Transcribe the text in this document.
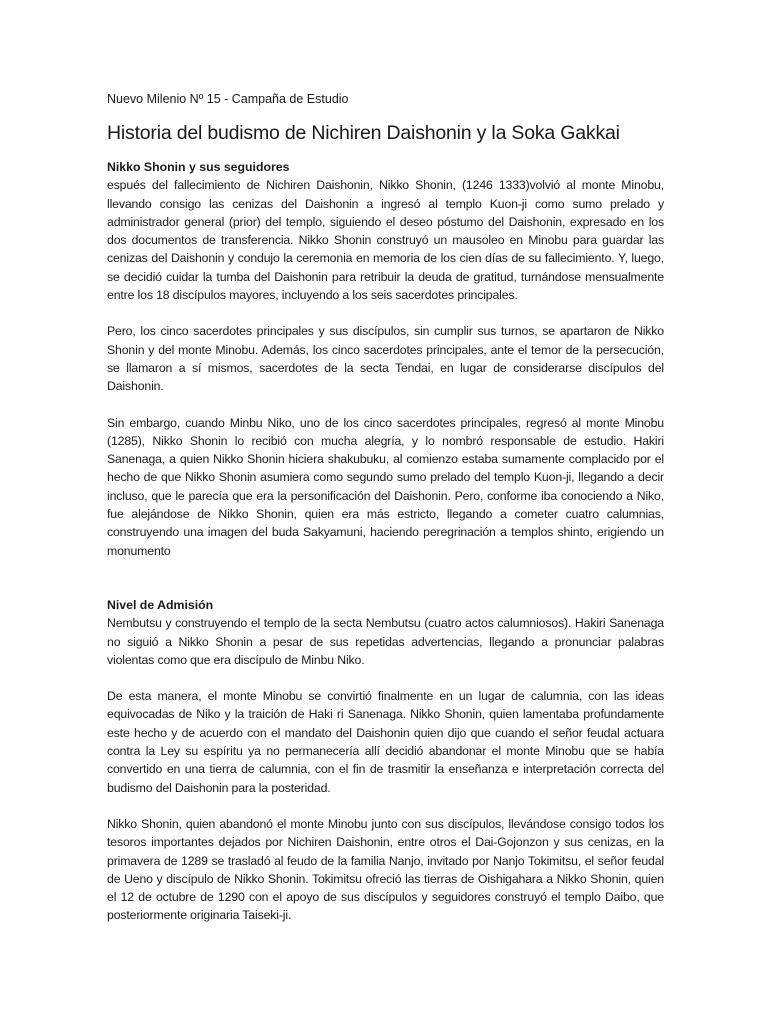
Nuevo Milenio Nº 15 - Campaña de Estudio

Historia del budismo de Nichiren Daishonin y la Soka Gakkai

Nikko Shonin y sus seguidores

espués del fallecimiento de Nichiren Daishonin, Nikko Shonin, (1246 1333)volvió al monte Minobu, llevando consigo las cenizas del Daishonin a ingresó al templo Kuon-ji como sumo prelado y administrador general (prior) del templo, siguiendo el deseo póstumo del Daishonin, expresado en los dos documentos de transferencia. Nikko Shonin construyó un mausoleo en Minobu para guardar las cenizas del Daishonin y condujo la ceremonia en memoria de los cien días de su fallecimiento. Y, luego, se decidió cuidar la tumba del Daishonin para retribuir la deuda de gratitud, turnándose mensualmente entre los 18 discípulos mayores, incluyendo a los seis sacerdotes principales.

Pero, los cinco sacerdotes principales y sus discípulos, sin cumplir sus turnos, se apartaron de Nikko Shonin y del monte Minobu. Además, los cinco sacerdotes principales, ante el temor de la persecución, se llamaron a sí mismos, sacerdotes de la secta Tendai, en lugar de considerarse discípulos del Daishonin.

Sin embargo, cuando Minbu Niko, uno de los cinco sacerdotes principales, regresó al monte Minobu (1285), Nikko Shonin lo recibió con mucha alegría, y lo nombró responsable de estudio. Hakiri Sanenaga, a quien Nikko Shonin hiciera shakubuku, al comienzo estaba sumamente complacido por el hecho de que Nikko Shonin asumiera como segundo sumo prelado del templo Kuon-ji, llegando a decir incluso, que le parecía que era la personificación del Daishonin. Pero, conforme iba conociendo a Niko, fue alejándose de Nikko Shonin, quien era más estricto, llegando a cometer cuatro calumnias, construyendo una imagen del buda Sakyamuni, haciendo peregrinación a templos shinto, erigiendo un monumento

Nivel de Admisión

Nembutsu y construyendo el templo de la secta Nembutsu (cuatro actos calumniosos). Hakiri Sanenaga no siguió a Nikko Shonin a pesar de sus repetidas advertencias, llegando a pronunciar palabras violentas como que era discípulo de Minbu Niko.

De esta manera, el monte Minobu se convirtió finalmente en un lugar de calumnia, con las ideas equivocadas de Niko y la traición de Haki ri Sanenaga. Nikko Shonin, quien lamentaba profundamente este hecho y de acuerdo con el mandato del Daishonin quien dijo que cuando el señor feudal actuara contra la Ley su espíritu ya no permanecería allí decidió abandonar el monte Minobu que se había convertido en una tierra de calumnia, con el fin de trasmitir la enseñanza e interpretación correcta del budismo del Daishonin para la posteridad.

Nikko Shonin, quien abandonó el monte Minobu junto con sus discípulos, llevándose consigo todos los tesoros importantes dejados por Nichiren Daishonin, entre otros el Dai-Gojonzon y sus cenizas, en la primavera de 1289 se trasladó al feudo de la familia Nanjo, invitado por Nanjo Tokimitsu, el señor feudal de Ueno y discípulo de Nikko Shonin. Tokimitsu ofreció las tierras de Oishigahara a Nikko Shonin, quien el 12 de octubre de 1290 con el apoyo de sus discípulos y seguidores construyó el templo Daibo, que posteriormente originaria Taiseki-ji.
